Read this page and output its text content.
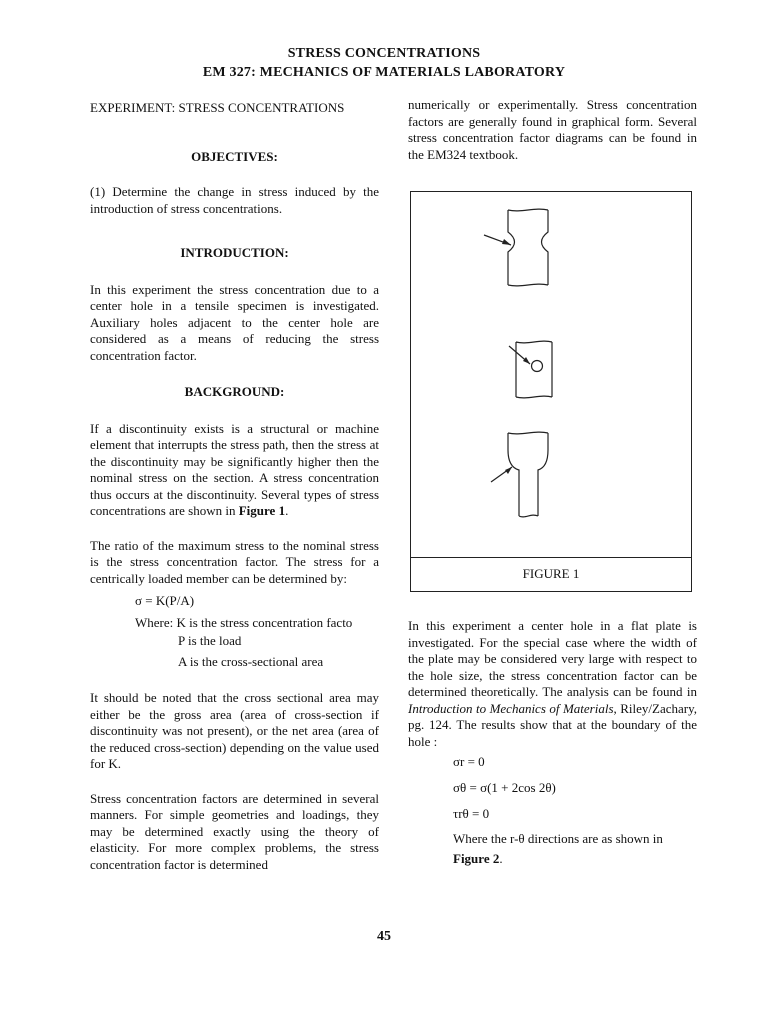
STRESS CONCENTRATIONS
EM 327: MECHANICS OF MATERIALS LABORATORY

EXPERIMENT: STRESS CONCENTRATIONS

OBJECTIVES:

(1) Determine the change in stress induced by the introduction of stress concentrations.

INTRODUCTION:

In this experiment the stress concentration due to a center hole in a tensile specimen is investigated. Auxiliary holes adjacent to the center hole are considered as a means of reducing the stress concentration factor.

BACKGROUND:

If a discontinuity exists is a structural or machine element that interrupts the stress path, then the stress at the discontinuity may be significantly higher then the nominal stress on the section. A stress concentration thus occurs at the discontinuity. Several types of stress concentrations are shown in Figure 1.

The ratio of the maximum stress to the nominal stress is the stress concentration factor. The stress for a centrically loaded member can be determined by:

σ = K(P/A)

Where: K is the stress concentration facto

P is the load

A is the cross-sectional area

It should be noted that the cross sectional area may either be the gross area (area of cross-section if discontinuity was not present), or the net area (area of the reduced cross-section) depending on the value used for K.

Stress concentration factors are determined in several manners. For simple geometries and loadings, they may be determined exactly using the theory of elasticity. For more complex problems, the stress concentration factor is determined

numerically or experimentally. Stress concentration factors are generally found in graphical form. Several stress concentration factor diagrams can be found in the EM324 textbook.

FIGURE 1

In this experiment a center hole in a flat plate is investigated. For the special case where the width of the plate may be considered very large with respect to the hole size, the stress concentration factor can be determined theoretically. The analysis can be found in Introduction to Mechanics of Materials, Riley/Zachary, pg. 124. The results show that at the boundary of the hole :

σr = 0
σθ = σ(1 + 2cos 2θ)
τrθ = 0
Where the r-θ directions are as shown in
Figure 2.
45
